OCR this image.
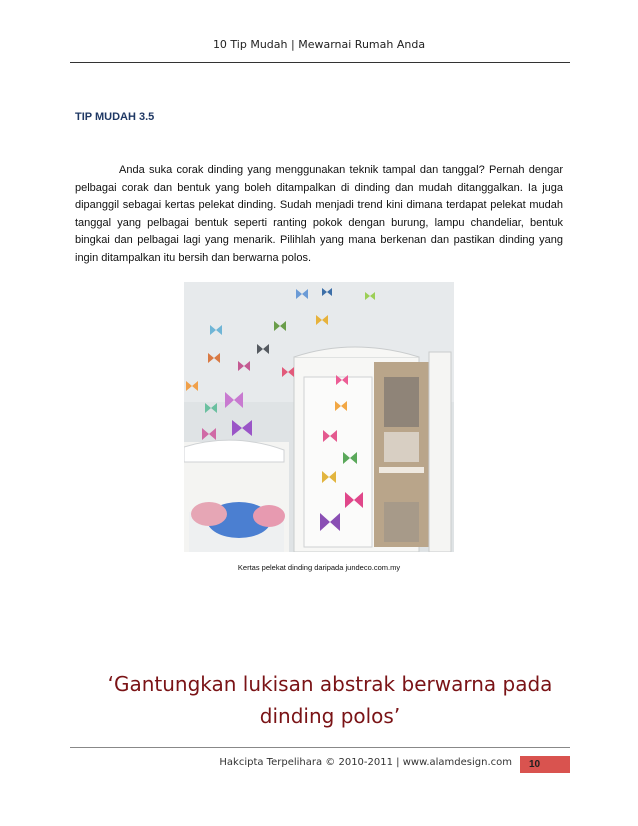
10 Tip Mudah | Mewarnai Rumah Anda
TIP MUDAH 3.5
Anda suka corak dinding yang menggunakan teknik tampal dan tanggal? Pernah dengar pelbagai corak dan bentuk yang boleh ditampalkan di dinding dan mudah ditanggalkan. Ia juga dipanggil sebagai kertas pelekat dinding. Sudah menjadi trend kini dimana terdapat pelekat mudah tanggal yang pelbagai bentuk seperti ranting pokok dengan burung, lampu chandeliar, bentuk bingkai dan pelbagai lagi yang menarik. Pilihlah yang mana berkenan dan pastikan dinding yang ingin ditampalkan itu bersih dan berwarna polos.
Kertas pelekat dinding daripada jundeco.com.my
‘Gantungkan lukisan abstrak berwarna pada
dinding polos’
Hakcipta Terpelihara © 2010-2011 | www.alamdesign.com	10
